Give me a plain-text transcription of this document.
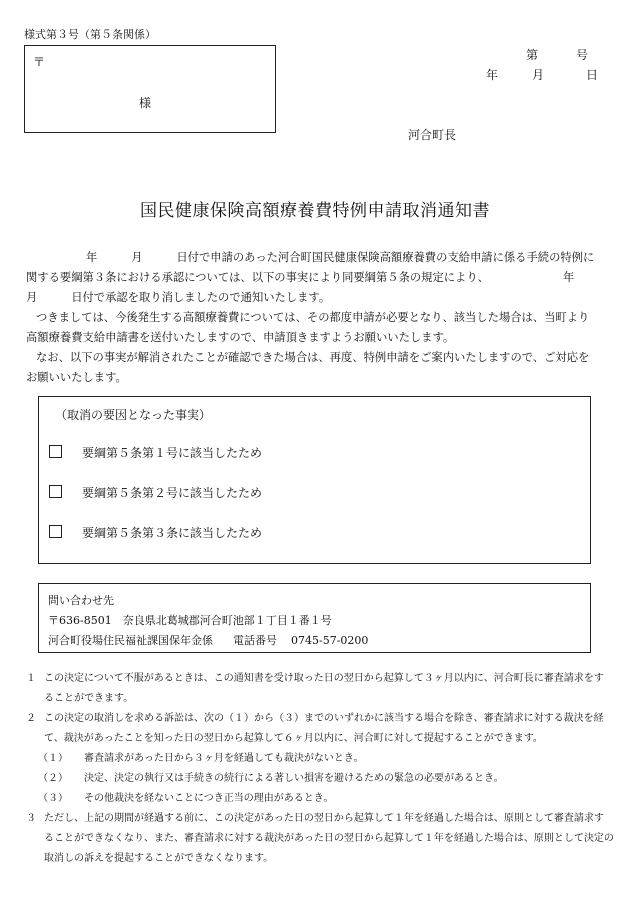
様式第３号（第５条関係）
〒
様
第	号
年	月	日
河合町長
国民健康保険高額療養費特例申請取消通知書
年　　　月　　　日付で申請のあった河合町国民健康保険高額療養費の支給申請に係る手続の特例に
関する要綱第３条における承認については、以下の事実により同要綱第５条の規定により、	年
月　　　日付で承認を取り消しましたので通知いたします。
つきましては、今後発生する高額療養費については、その都度申請が必要となり、該当した場合は、当町より
高額療養費支給申請書を送付いたしますので、申請頂きますようお願いいたします。
なお、以下の事実が解消されたことが確認できた場合は、再度、特例申請をご案内いたしますので、ご対応を
お願いいたします。
（取消の要因となった事実）
要綱第５条第１号に該当したため
要綱第５条第２号に該当したため
要綱第５条第３条に該当したため
問い合わせ先
〒636-8501　奈良県北葛城郡河合町池部１丁目１番１号
河合町役場住民福祉課国保年金係 電話番号 0745-57-0200
１ この決定について不服があるときは、この通知書を受け取った日の翌日から起算して３ヶ月以内に、河合町長に審査請求をす
ることができます。
２ この決定の取消しを求める訴訟は、次の（１）から（３）までのいずれかに該当する場合を除き、審査請求に対する裁決を経
て、裁決があったことを知った日の翌日から起算して６ヶ月以内に、河合町に対して提起することができます。
（１） 審査請求があった日から３ヶ月を経過しても裁決がないとき。
（２） 決定、決定の執行又は手続きの続行による著しい損害を避けるための緊急の必要があるとき。
（３） その他裁決を経ないことにつき正当の理由があるとき。
３ ただし、上記の期間が経過する前に、この決定があった日の翌日から起算して１年を経過した場合は、原則として審査請求す
ることができなくなり、また、審査請求に対する裁決があった日の翌日から起算して１年を経過した場合は、原則として決定の
取消しの訴えを提起することができなくなります。
